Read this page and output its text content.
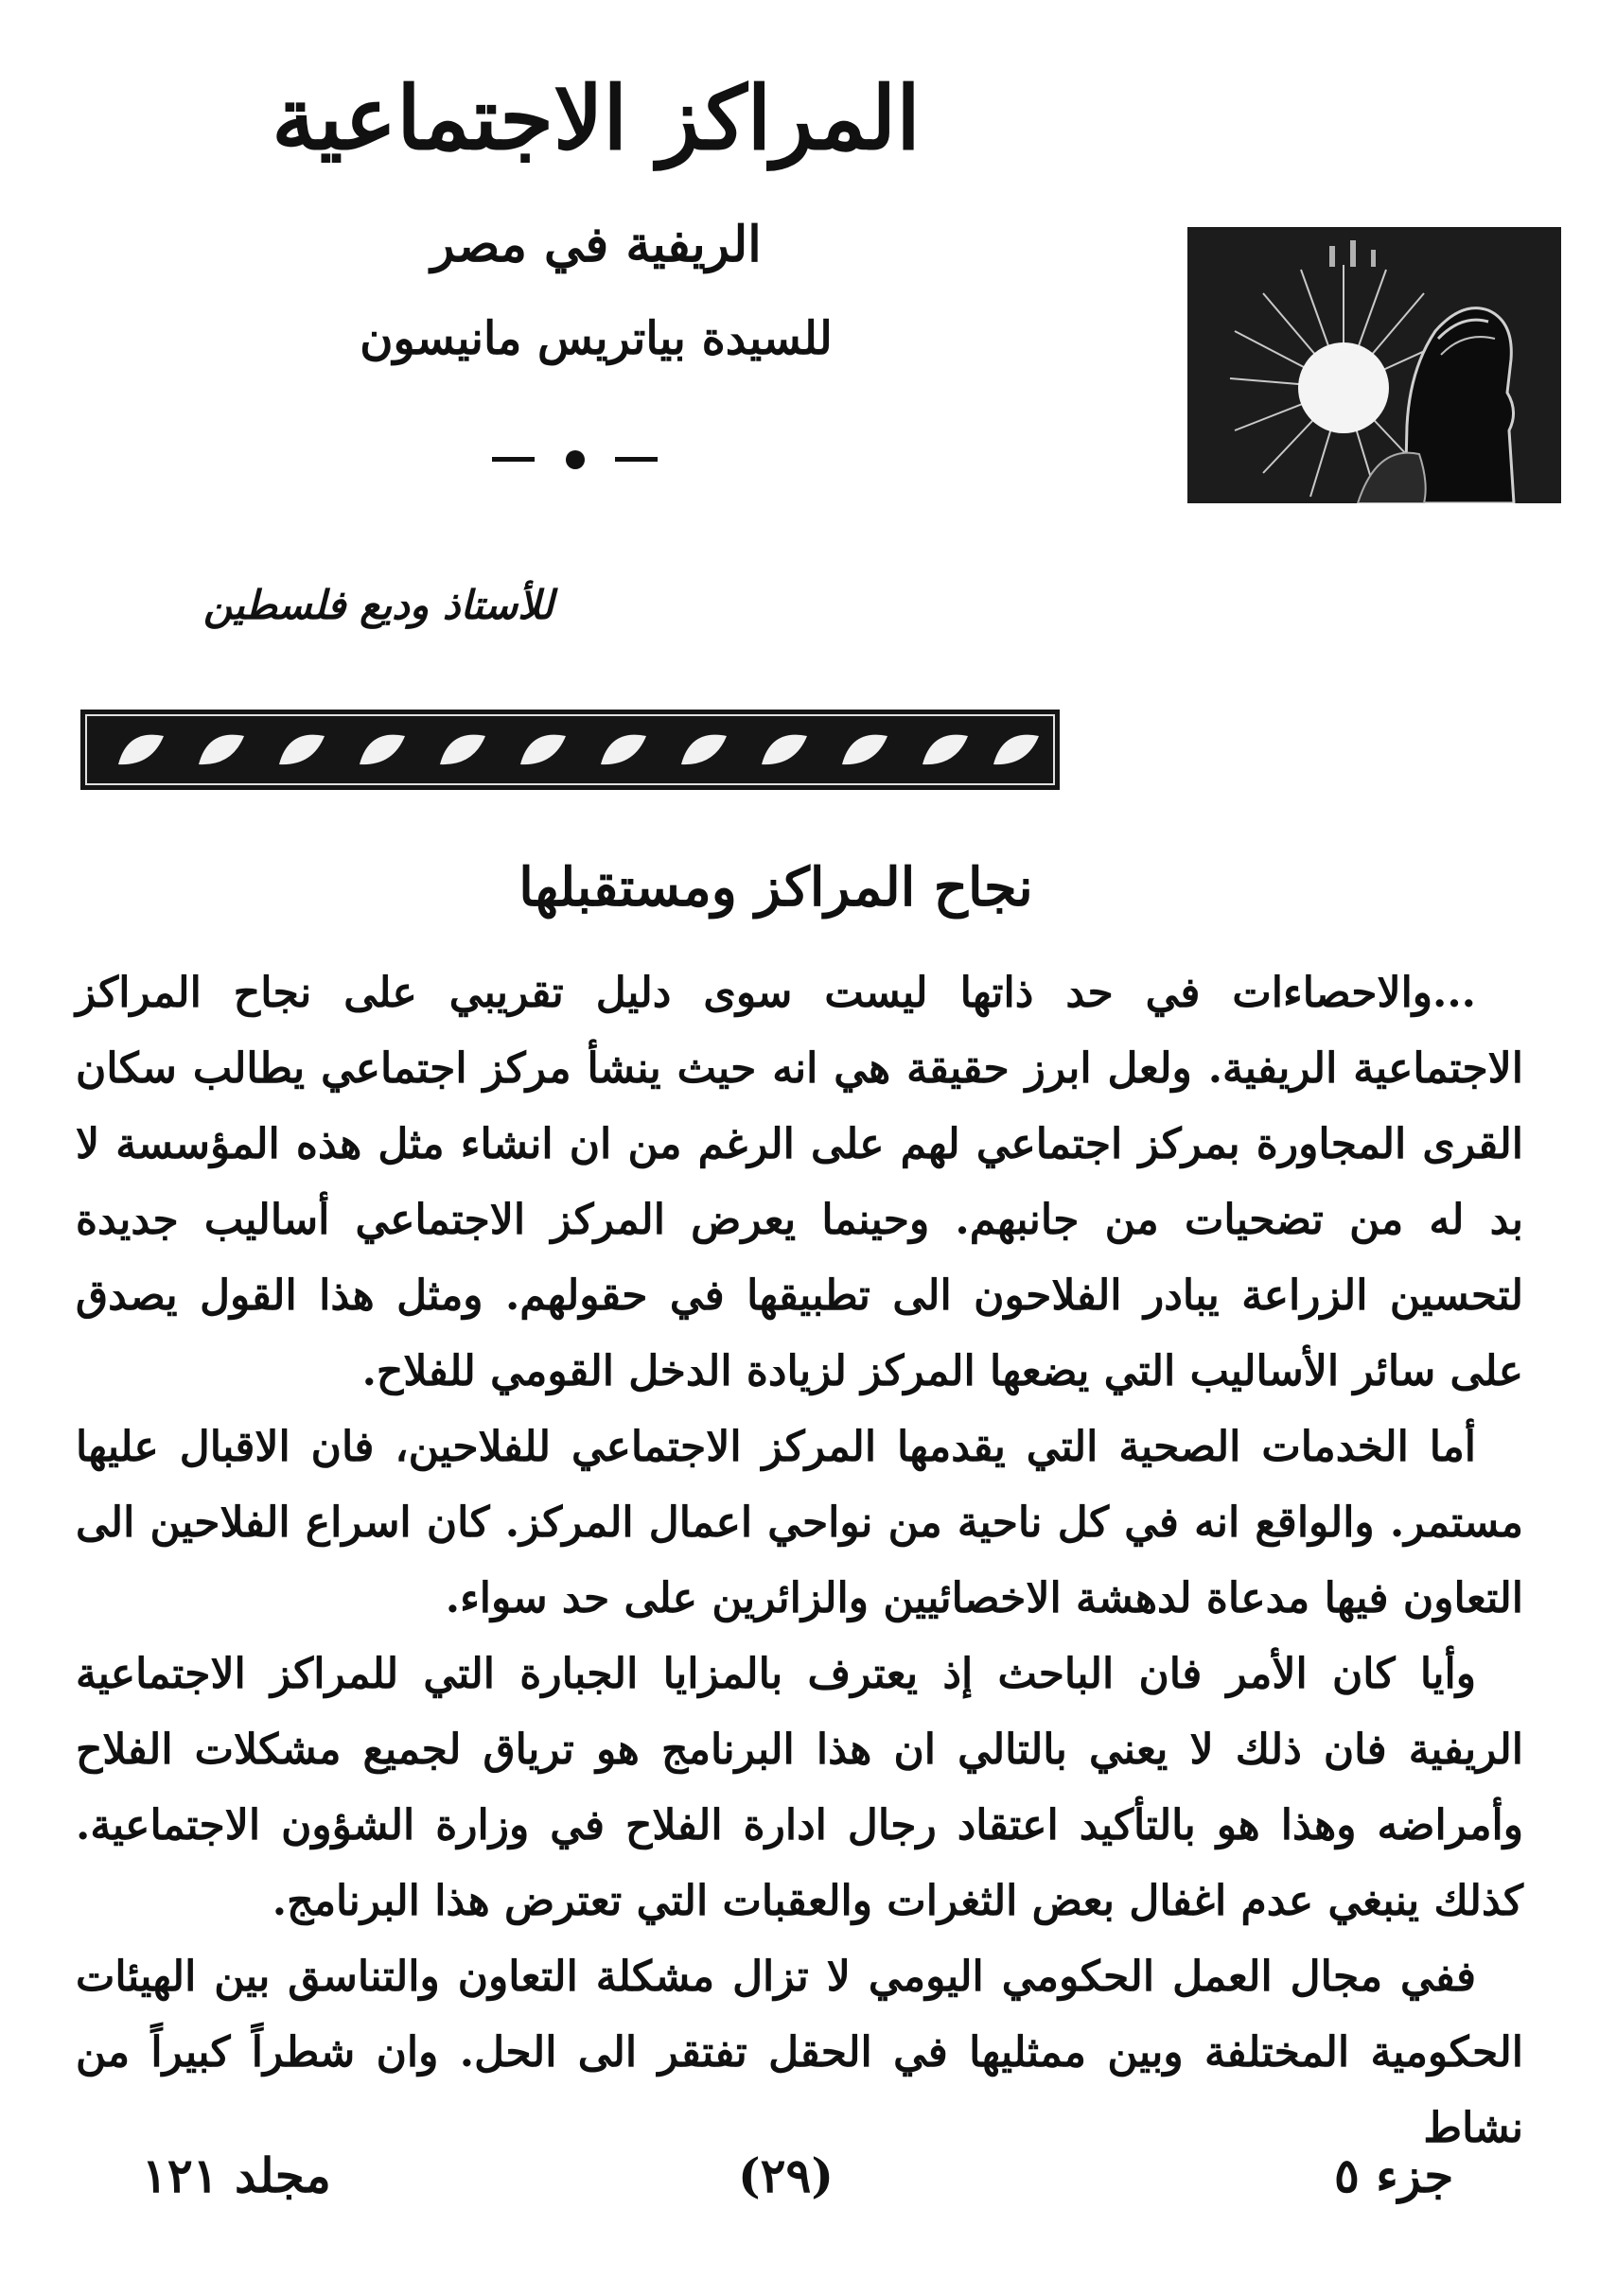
المراكز الاجتماعية
الريفية في مصر
للسيدة بياتريس مانيسون
للأستاذ وديع فلسطين
نجاح المراكز ومستقبلها

...والاحصاءات في حد ذاتها ليست سوى دليل تقريبي على نجاح المراكز الاجتماعية الريفية. ولعل ابرز حقيقة هي انه حيث ينشأ مركز اجتماعي يطالب سكان القرى المجاورة بمركز اجتماعي لهم على الرغم من ان انشاء مثل هذه المؤسسة لا بد له من تضحيات من جانبهم. وحينما يعرض المركز الاجتماعي أساليب جديدة لتحسين الزراعة يبادر الفلاحون الى تطبيقها في حقولهم. ومثل هذا القول يصدق على سائر الأساليب التي يضعها المركز لزيادة الدخل القومي للفلاح.

أما الخدمات الصحية التي يقدمها المركز الاجتماعي للفلاحين، فان الاقبال عليها مستمر. والواقع انه في كل ناحية من نواحي اعمال المركز. كان اسراع الفلاحين الى التعاون فيها مدعاة لدهشة الاخصائيين والزائرين على حد سواء.

وأيا كان الأمر فان الباحث إذ يعترف بالمزايا الجبارة التي للمراكز الاجتماعية الريفية فان ذلك لا يعني بالتالي ان هذا البرنامج هو ترياق لجميع مشكلات الفلاح وأمراضه وهذا هو بالتأكيد اعتقاد رجال ادارة الفلاح في وزارة الشؤون الاجتماعية. كذلك ينبغي عدم اغفال بعض الثغرات والعقبات التي تعترض هذا البرنامج.

ففي مجال العمل الحكومي اليومي لا تزال مشكلة التعاون والتناسق بين الهيئات الحكومية المختلفة وبين ممثليها في الحقل تفتقر الى الحل. وان شطراً كبيراً من نشاط

مجلد ١٢١	(٢٩)	جزء ٥
